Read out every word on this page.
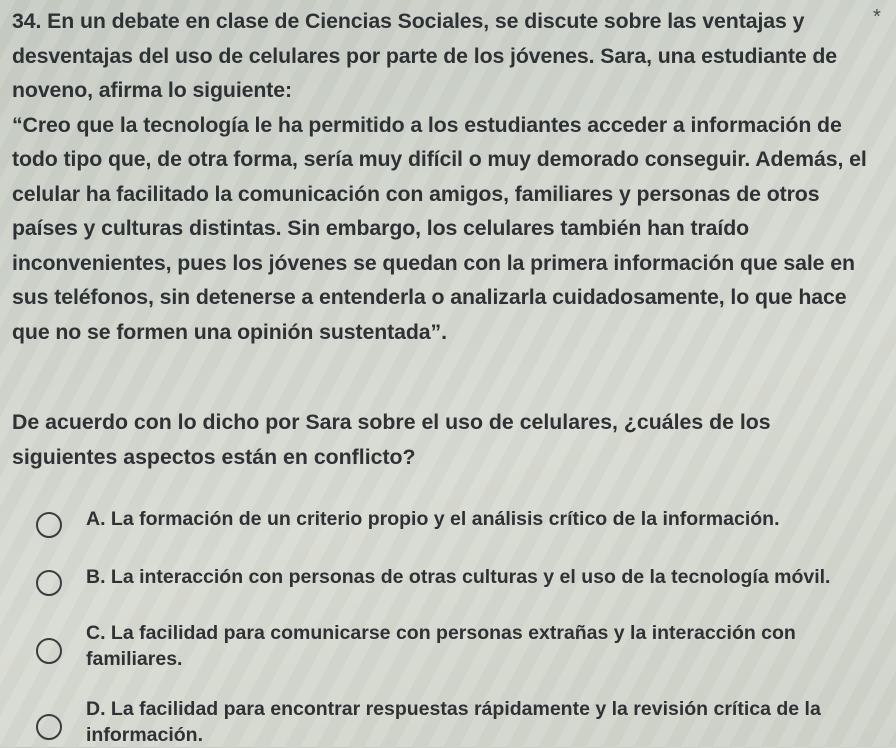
34. En un debate en clase de Ciencias Sociales, se discute sobre las ventajas y desventajas del uso de celulares por parte de los jóvenes. Sara, una estudiante de noveno, afirma lo siguiente:

“Creo que la tecnología le ha permitido a los estudiantes acceder a información de todo tipo que, de otra forma, sería muy difícil o muy demorado conseguir. Además, el celular ha facilitado la comunicación con amigos, familiares y personas de otros países y culturas distintas. Sin embargo, los celulares también han traído inconvenientes, pues los jóvenes se quedan con la primera información que sale en sus teléfonos, sin detenerse a entenderla o analizarla cuidadosamente, lo que hace que no se formen una opinión sustentada”.

*
De acuerdo con lo dicho por Sara sobre el uso de celulares, ¿cuáles de los siguientes aspectos están en conflicto?
A. La formación de un criterio propio y el análisis crítico de la información.
B. La interacción con personas de otras culturas y el uso de la tecnología móvil.
C. La facilidad para comunicarse con personas extrañas y la interacción con familiares.
D. La facilidad para encontrar respuestas rápidamente y la revisión crítica de la información.
